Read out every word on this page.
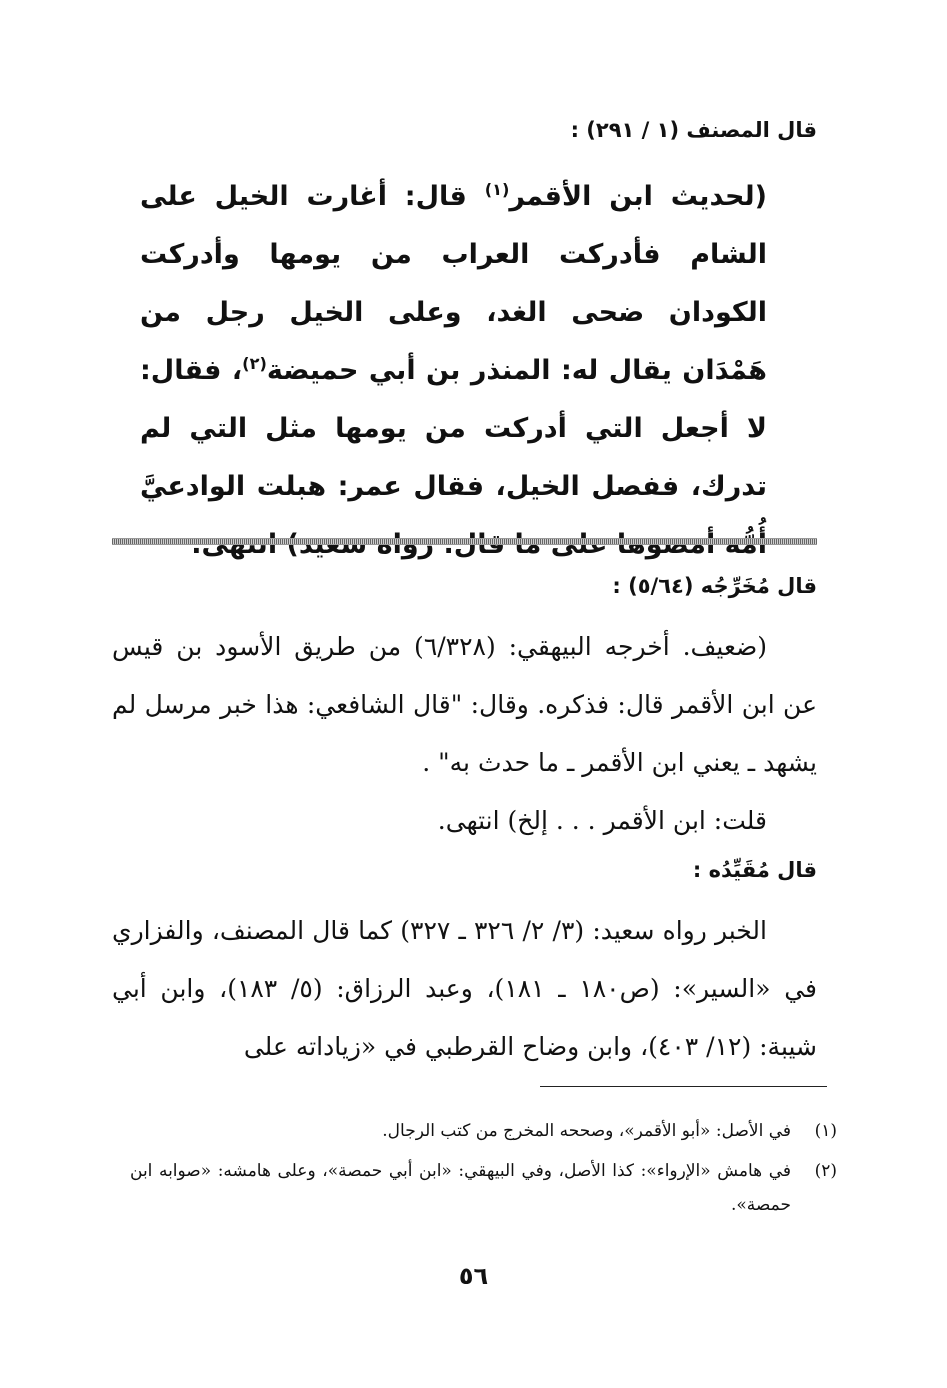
قال المصنف (١ / ٢٩١) :
(لحديث ابن الأقمر$^{(١)}$ قال: أغارت الخيل على الشام فأدركت العراب من يومها وأدركت الكودان ضحى الغد، وعلى الخيل رجل من هَمْدَان يقال له: المنذر بن أبي حميضة$^{(٢)}$، فقال: لا أجعل التي أدركت من يومها مثل التي لم تدرك، ففصل الخيل، فقال عمر: هبلت الوادعيَّ
قال مُخَرِّجُه (٥/٦٤) :
(ضعيف. أخرجه البيهقي: (٦/٣٢٨) من طريق الأسود بن قيس عن ابن الأقمر قال: فذكره. وقال: "قال الشافعي: هذا خبر مرسل لم يشهد ـ يعني ابن الأقمر ـ ما حدث به" .
قلت: ابن الأقمر . . . إلخ) انتهى.
قال مُقَيِّدُه :
الخبر رواه سعيد: (٣/ ٢/ ٣٢٦ ـ ٣٢٧) كما قال المصنف، والفزاري في «السير»: (ص١٨٠ ـ ١٨١)، وعبد الرزاق: (٥/ ١٨٣)، وابن أبي شيبة: (١٢/ ٤٠٣)، وابن وضاح القرطبي في «زياداته على
(١)
في الأصل: «أبو الأقمر»، وصححه المخرج من كتب الرجال.
(٢)
في هامش «الإرواء»: كذا الأصل، وفي البيهقي: «ابن أبي حمصة»، وعلى هامشه: «صوابه ابن حمصة».
٥٦
